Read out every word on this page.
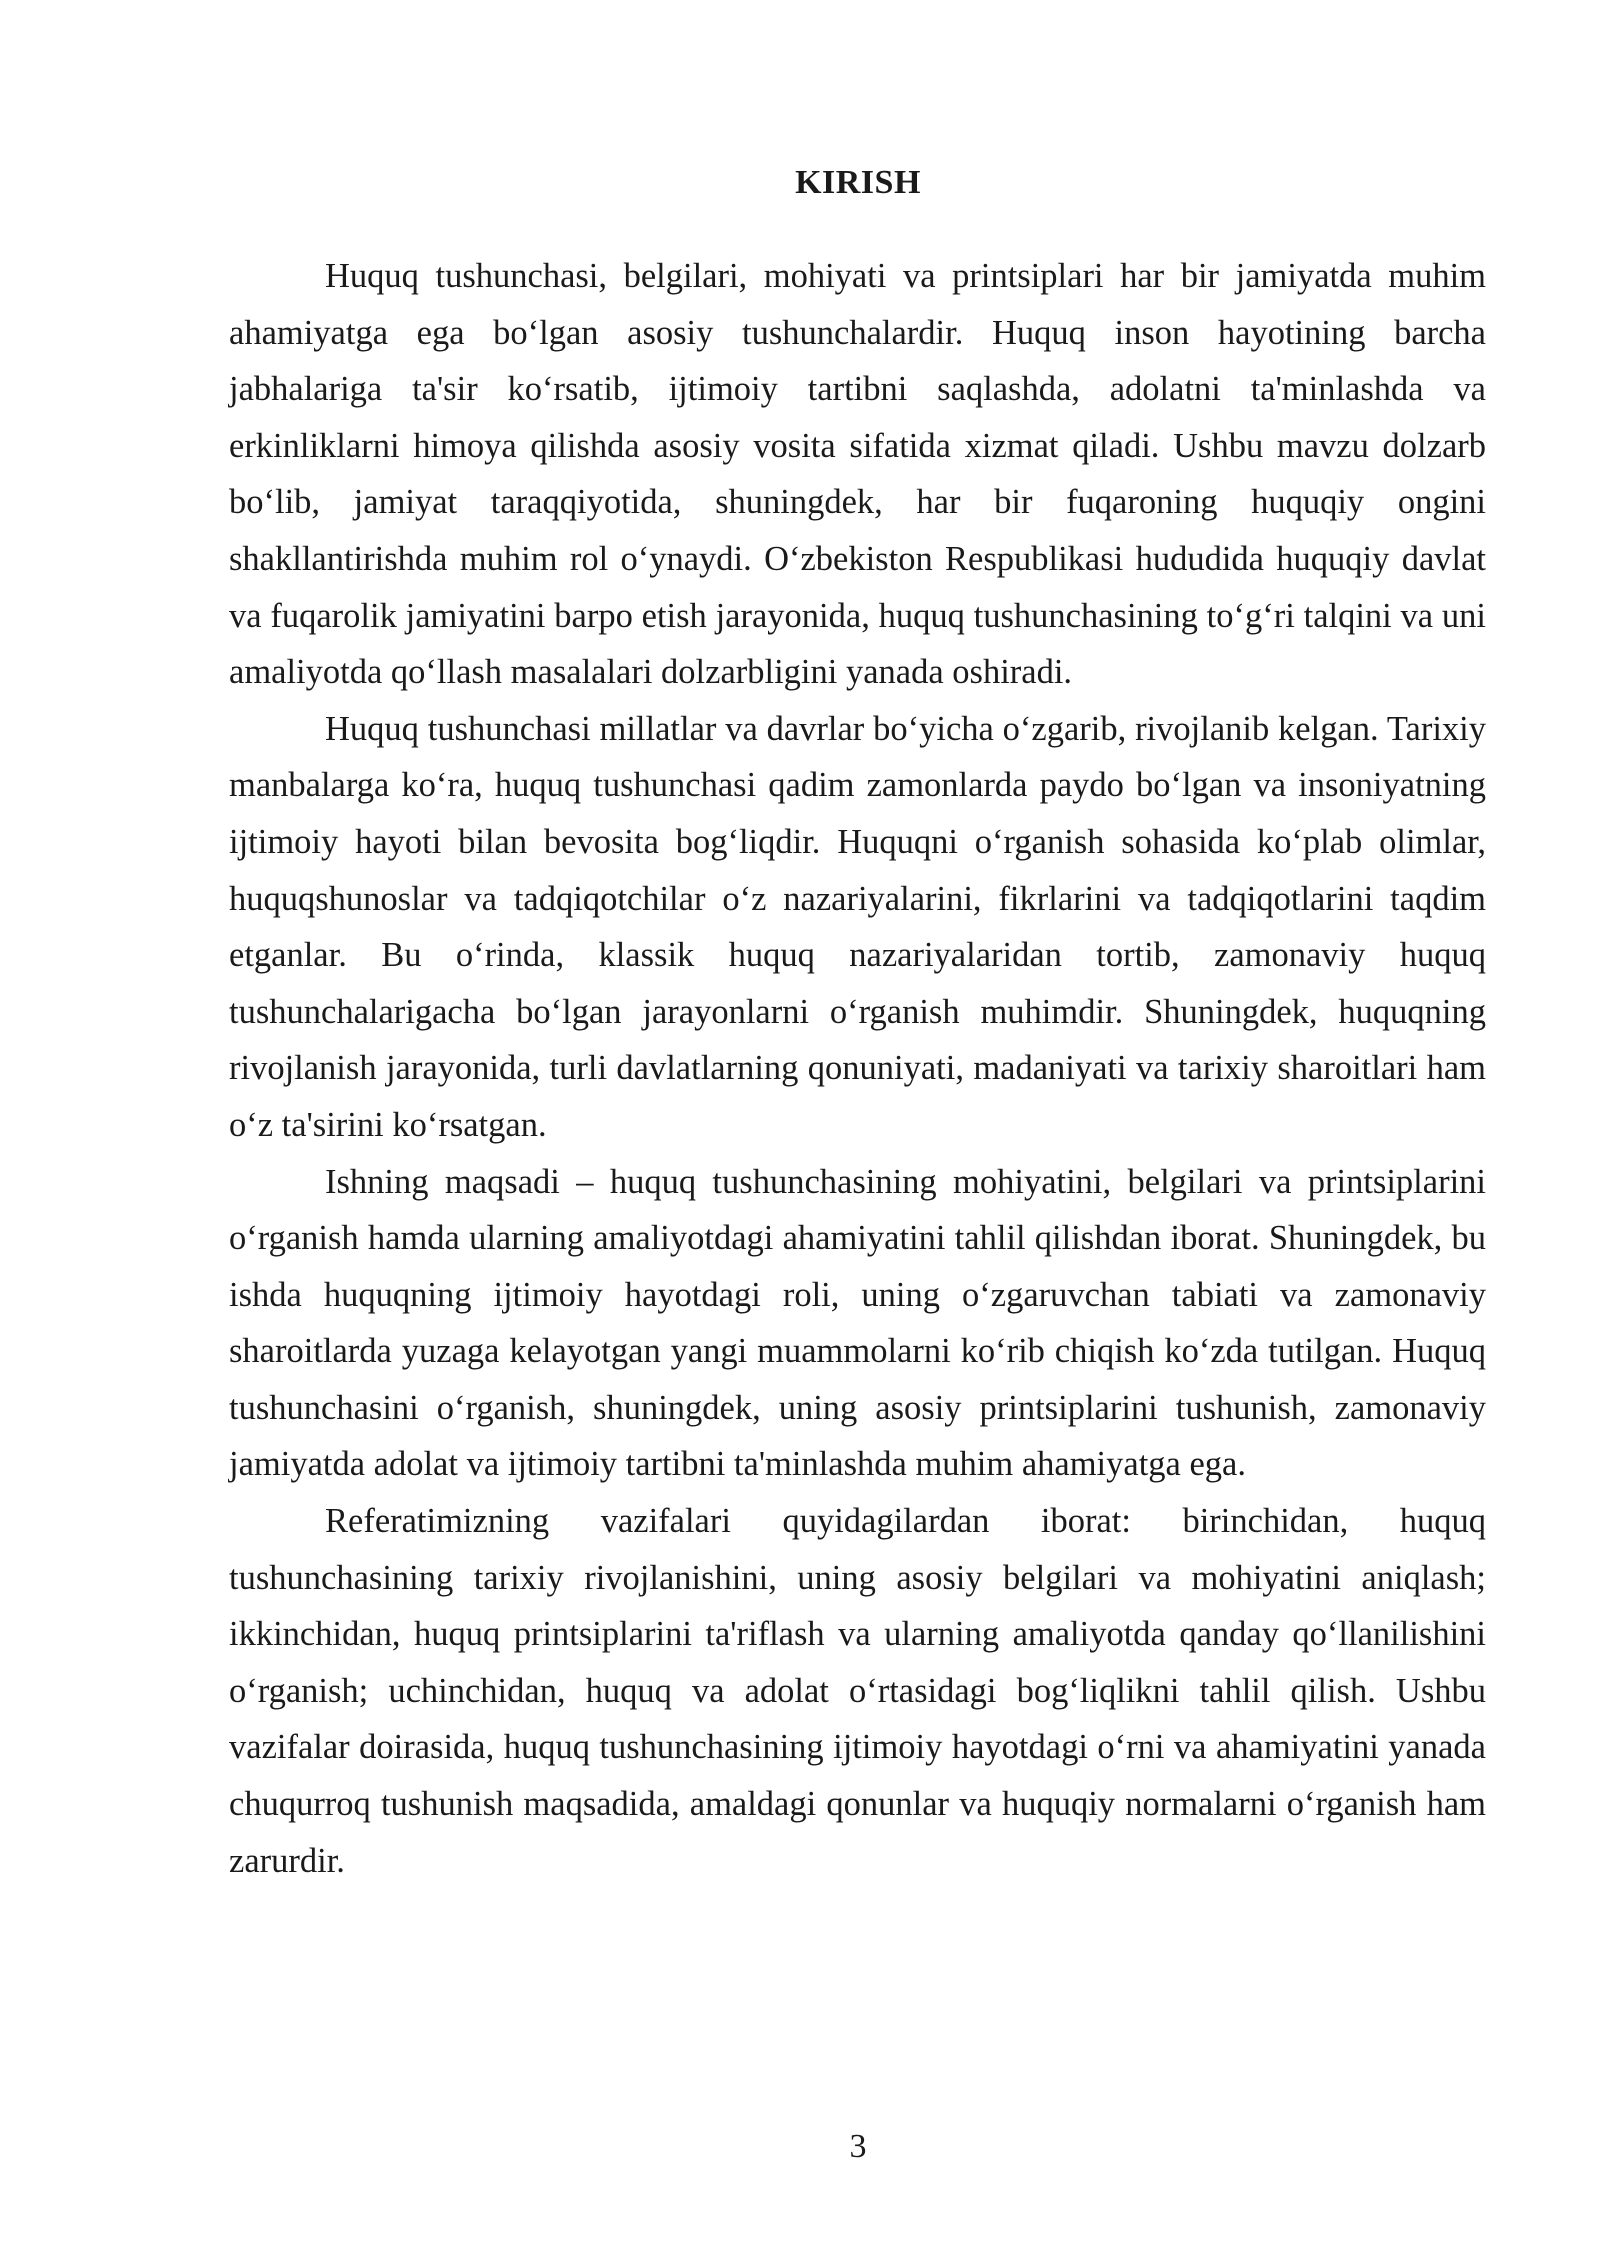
KIRISH

Huquq tushunchasi, belgilari, mohiyati va printsiplari har bir jamiyatda muhim ahamiyatga ega bo‘lgan asosiy tushunchalardir. Huquq inson hayotining barcha jabhalariga ta'sir ko‘rsatib, ijtimoiy tartibni saqlashda, adolatni ta'minlashda va erkinliklarni himoya qilishda asosiy vosita sifatida xizmat qiladi. Ushbu mavzu dolzarb bo‘lib, jamiyat taraqqiyotida, shuningdek, har bir fuqaroning huquqiy ongini shakllantirishda muhim rol o‘ynaydi. O‘zbekiston Respublikasi hududida huquqiy davlat va fuqarolik jamiyatini barpo etish jarayonida, huquq tushunchasining to‘g‘ri talqini va uni amaliyotda qo‘llash masalalari dolzarbligini yanada oshiradi.

Huquq tushunchasi millatlar va davrlar bo‘yicha o‘zgarib, rivojlanib kelgan. Tarixiy manbalarga ko‘ra, huquq tushunchasi qadim zamonlarda paydo bo‘lgan va insoniyatning ijtimoiy hayoti bilan bevosita bog‘liqdir. Huquqni o‘rganish sohasida ko‘plab olimlar, huquqshunoslar va tadqiqotchilar o‘z nazariyalarini, fikrlarini va tadqiqotlarini taqdim etganlar. Bu o‘rinda, klassik huquq nazariyalaridan tortib, zamonaviy huquq tushunchalarigacha bo‘lgan jarayonlarni o‘rganish muhimdir. Shuningdek, huquqning rivojlanish jarayonida, turli davlatlarning qonuniyati, madaniyati va tarixiy sharoitlari ham o‘z ta'sirini ko‘rsatgan.

Ishning maqsadi – huquq tushunchasining mohiyatini, belgilari va printsiplarini o‘rganish hamda ularning amaliyotdagi ahamiyatini tahlil qilishdan iborat. Shuningdek, bu ishda huquqning ijtimoiy hayotdagi roli, uning o‘zgaruvchan tabiati va zamonaviy sharoitlarda yuzaga kelayotgan yangi muammolarni ko‘rib chiqish ko‘zda tutilgan. Huquq tushunchasini o‘rganish, shuningdek, uning asosiy printsiplarini tushunish, zamonaviy jamiyatda adolat va ijtimoiy tartibni ta'minlashda muhim ahamiyatga ega.

Referatimizning vazifalari quyidagilardan iborat: birinchidan, huquq tushunchasining tarixiy rivojlanishini, uning asosiy belgilari va mohiyatini aniqlash; ikkinchidan, huquq printsiplarini ta'riflash va ularning amaliyotda qanday qo‘llanilishini o‘rganish; uchinchidan, huquq va adolat o‘rtasidagi bog‘liqlikni tahlil qilish. Ushbu vazifalar doirasida, huquq tushunchasining ijtimoiy hayotdagi o‘rni va ahamiyatini yanada chuqurroq tushunish maqsadida, amaldagi qonunlar va huquqiy normalarni o‘rganish ham zarurdir.

3
